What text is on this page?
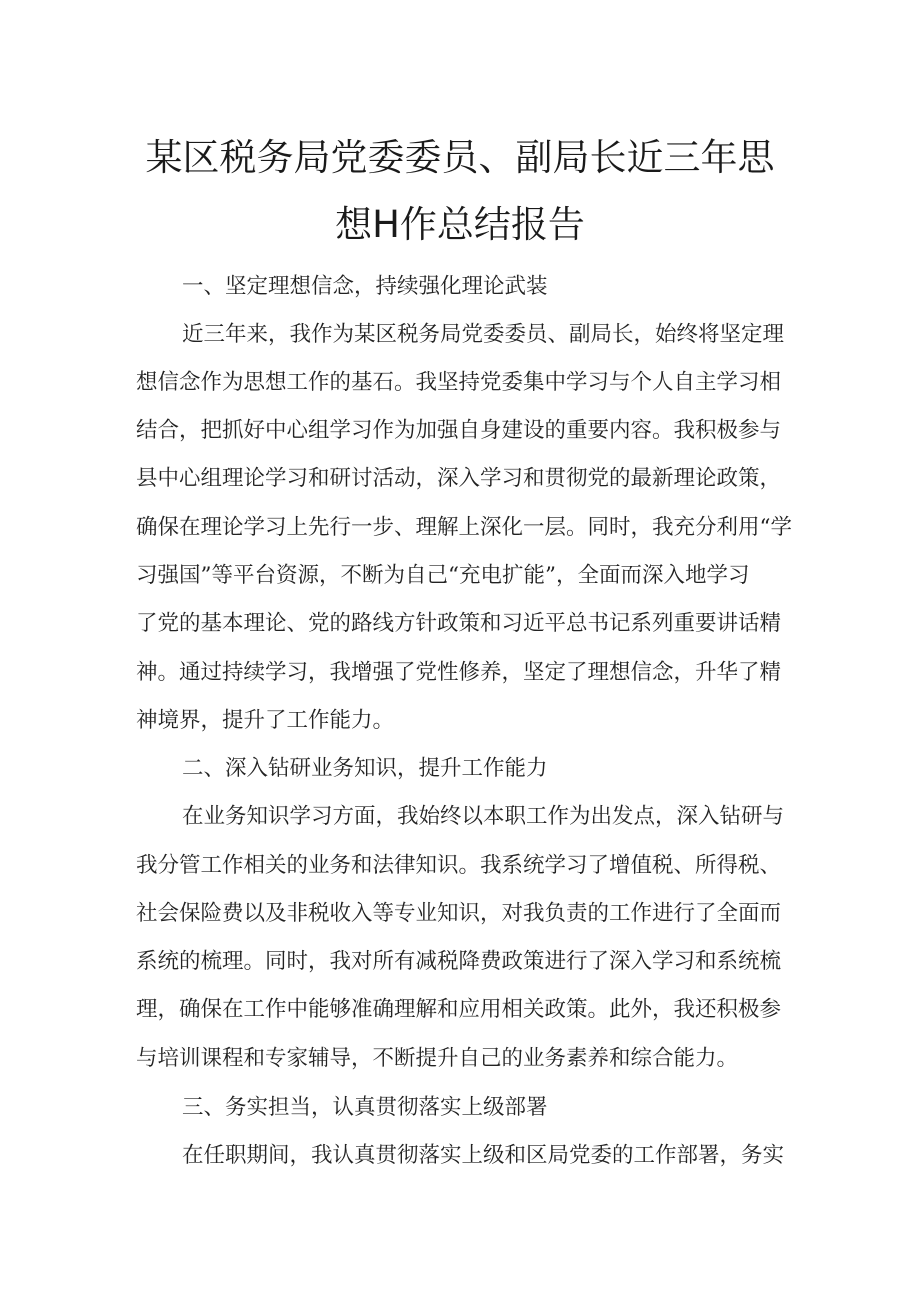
某区税务局党委委员、副局长近三年思
想H作总结报告
一、坚定理想信念，持续强化理论武装
近三年来，我作为某区税务局党委委员、副局长，始终将坚定理
想信念作为思想工作的基石。我坚持党委集中学习与个人自主学习相
结合，把抓好中心组学习作为加强自身建设的重要内容。我积极参与
县中心组理论学习和研讨活动，深入学习和贯彻党的最新理论政策，
确保在理论学习上先行一步、理解上深化一层。同时，我充分利用“学
习强国”等平台资源，不断为自己“充电扩能”，全面而深入地学习
了党的基本理论、党的路线方针政策和习近平总书记系列重要讲话精
神。通过持续学习，我增强了党性修养，坚定了理想信念，升华了精
神境界，提升了工作能力。
二、深入钻研业务知识，提升工作能力
在业务知识学习方面，我始终以本职工作为出发点，深入钻研与
我分管工作相关的业务和法律知识。我系统学习了增值税、所得税、
社会保险费以及非税收入等专业知识，对我负责的工作进行了全面而
系统的梳理。同时，我对所有减税降费政策进行了深入学习和系统梳
理，确保在工作中能够准确理解和应用相关政策。此外，我还积极参
与培训课程和专家辅导，不断提升自己的业务素养和综合能力。
三、务实担当，认真贯彻落实上级部署
在任职期间，我认真贯彻落实上级和区局党委的工作部署，务实
